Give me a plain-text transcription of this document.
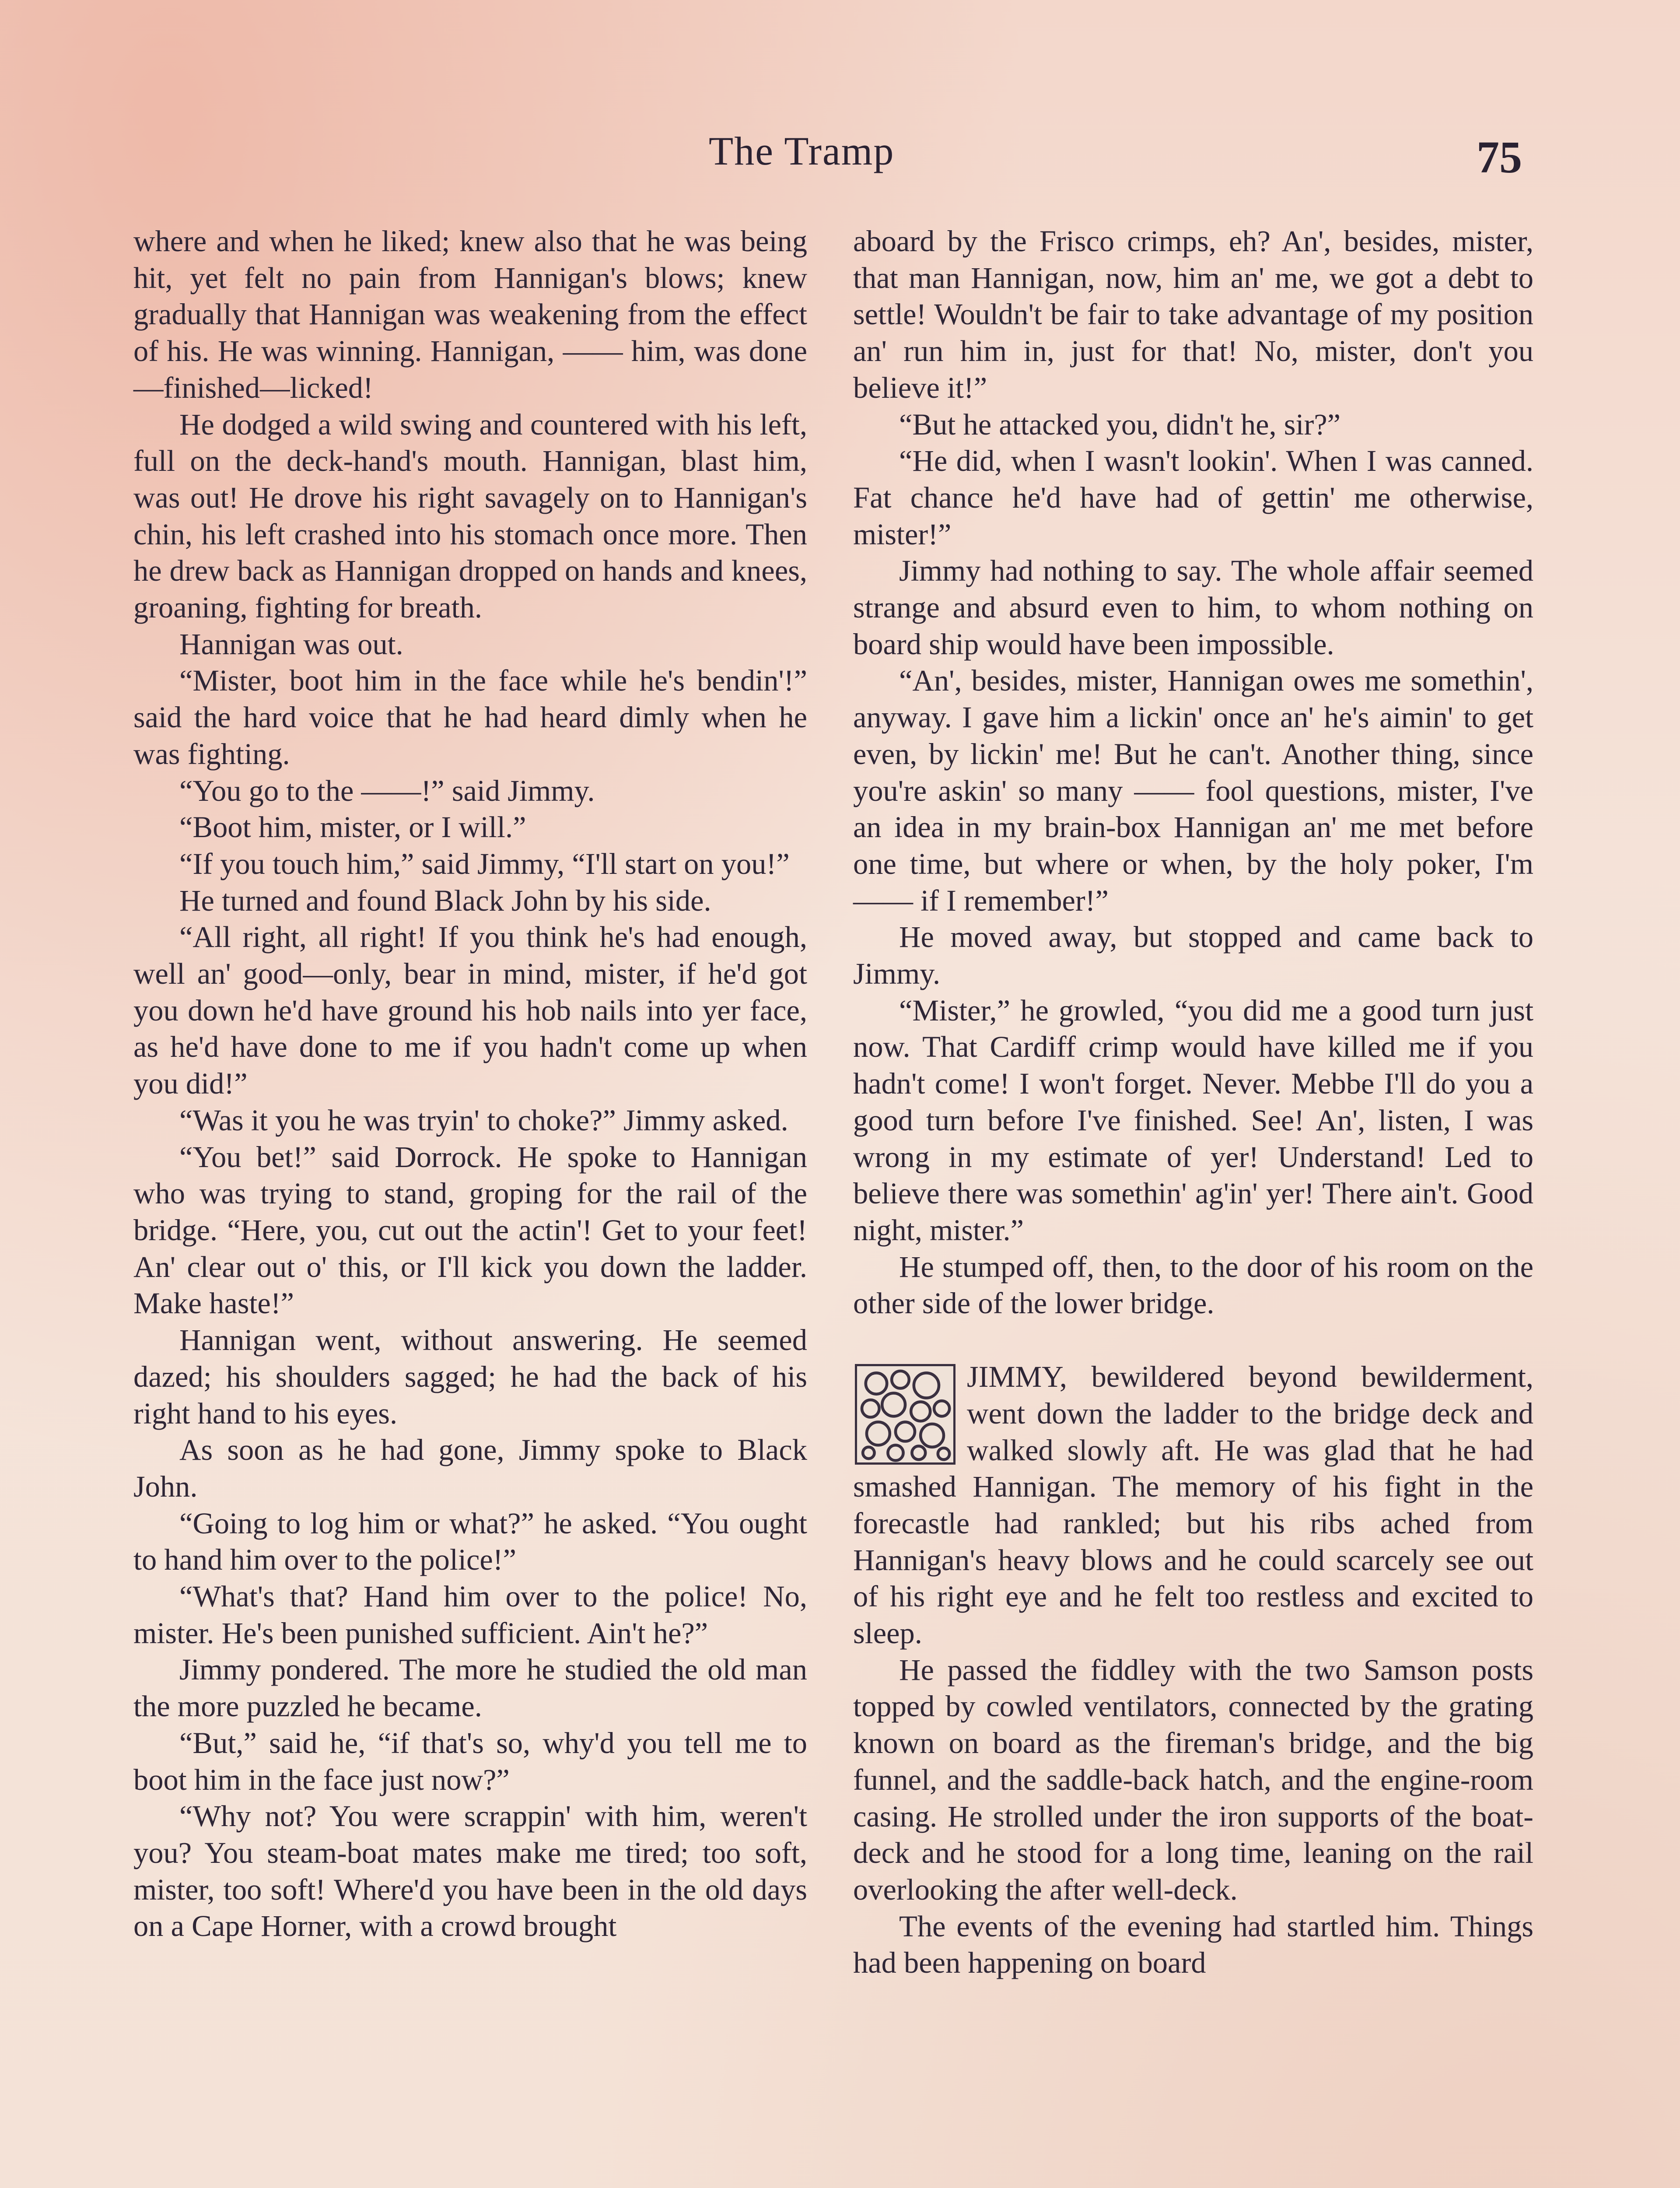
The Tramp	75

where and when he liked; knew also that he was being hit, yet felt no pain from Hannigan's blows; knew gradually that Hannigan was weakening from the effect of his. He was winning. Hannigan, —— him, was done—finished—licked!

He dodged a wild swing and countered with his left, full on the deck-hand's mouth. Hannigan, blast him, was out! He drove his right savagely on to Hannigan's chin, his left crashed into his stomach once more. Then he drew back as Hannigan dropped on hands and knees, groaning, fighting for breath.

Hannigan was out.

“Mister, boot him in the face while he's bendin'!” said the hard voice that he had heard dimly when he was fighting.

“You go to the ——!” said Jimmy.

“Boot him, mister, or I will.”

“If you touch him,” said Jimmy, “I'll start on you!”

He turned and found Black John by his side.

“All right, all right! If you think he's had enough, well an' good—only, bear in mind, mister, if he'd got you down he'd have ground his hob nails into yer face, as he'd have done to me if you hadn't come up when you did!”

“Was it you he was tryin' to choke?” Jimmy asked.

“You bet!” said Dorrock. He spoke to Hannigan who was trying to stand, groping for the rail of the bridge. “Here, you, cut out the actin'! Get to your feet! An' clear out o' this, or I'll kick you down the ladder. Make haste!”

Hannigan went, without answering. He seemed dazed; his shoulders sagged; he had the back of his right hand to his eyes.

As soon as he had gone, Jimmy spoke to Black John.

“Going to log him or what?” he asked. “You ought to hand him over to the police!”

“What's that? Hand him over to the police! No, mister. He's been punished sufficient. Ain't he?”

Jimmy pondered. The more he studied the old man the more puzzled he became.

“But,” said he, “if that's so, why'd you tell me to boot him in the face just now?”

“Why not? You were scrappin' with him, weren't you? You steam-boat mates make me tired; too soft, mister, too soft! Where'd you have been in the old days on a Cape Horner, with a crowd brought

aboard by the Frisco crimps, eh? An', besides, mister, that man Hannigan, now, him an' me, we got a debt to settle! Wouldn't be fair to take advantage of my position an' run him in, just for that! No, mister, don't you believe it!”

“But he attacked you, didn't he, sir?”

“He did, when I wasn't lookin'. When I was canned. Fat chance he'd have had of gettin' me otherwise, mister!”

Jimmy had nothing to say. The whole affair seemed strange and absurd even to him, to whom nothing on board ship would have been impossible.

“An', besides, mister, Hannigan owes me somethin', anyway. I gave him a lickin' once an' he's aimin' to get even, by lickin' me! But he can't. Another thing, since you're askin' so many —— fool questions, mister, I've an idea in my brain-box Hannigan an' me met before one time, but where or when, by the holy poker, I'm —— if I remember!”

He moved away, but stopped and came back to Jimmy.

“Mister,” he growled, “you did me a good turn just now. That Cardiff crimp would have killed me if you hadn't come! I won't forget. Never. Mebbe I'll do you a good turn before I've finished. See! An', listen, I was wrong in my estimate of yer! Understand! Led to believe there was somethin' ag'in' yer! There ain't. Good night, mister.”

He stumped off, then, to the door of his room on the other side of the lower bridge.

JIMMY, bewildered beyond bewilderment, went down the ladder to the bridge deck and walked slowly aft. He was glad that he had smashed Hannigan. The memory of his fight in the forecastle had rankled; but his ribs ached from Hannigan's heavy blows and he could scarcely see out of his right eye and he felt too restless and excited to sleep.

He passed the fiddley with the two Samson posts topped by cowled ventilators, connected by the grating known on board as the fireman's bridge, and the big funnel, and the saddle-back hatch, and the engine-room casing. He strolled under the iron supports of the boat-deck and he stood for a long time, leaning on the rail overlooking the after well-deck.

The events of the evening had startled him. Things had been happening on board
